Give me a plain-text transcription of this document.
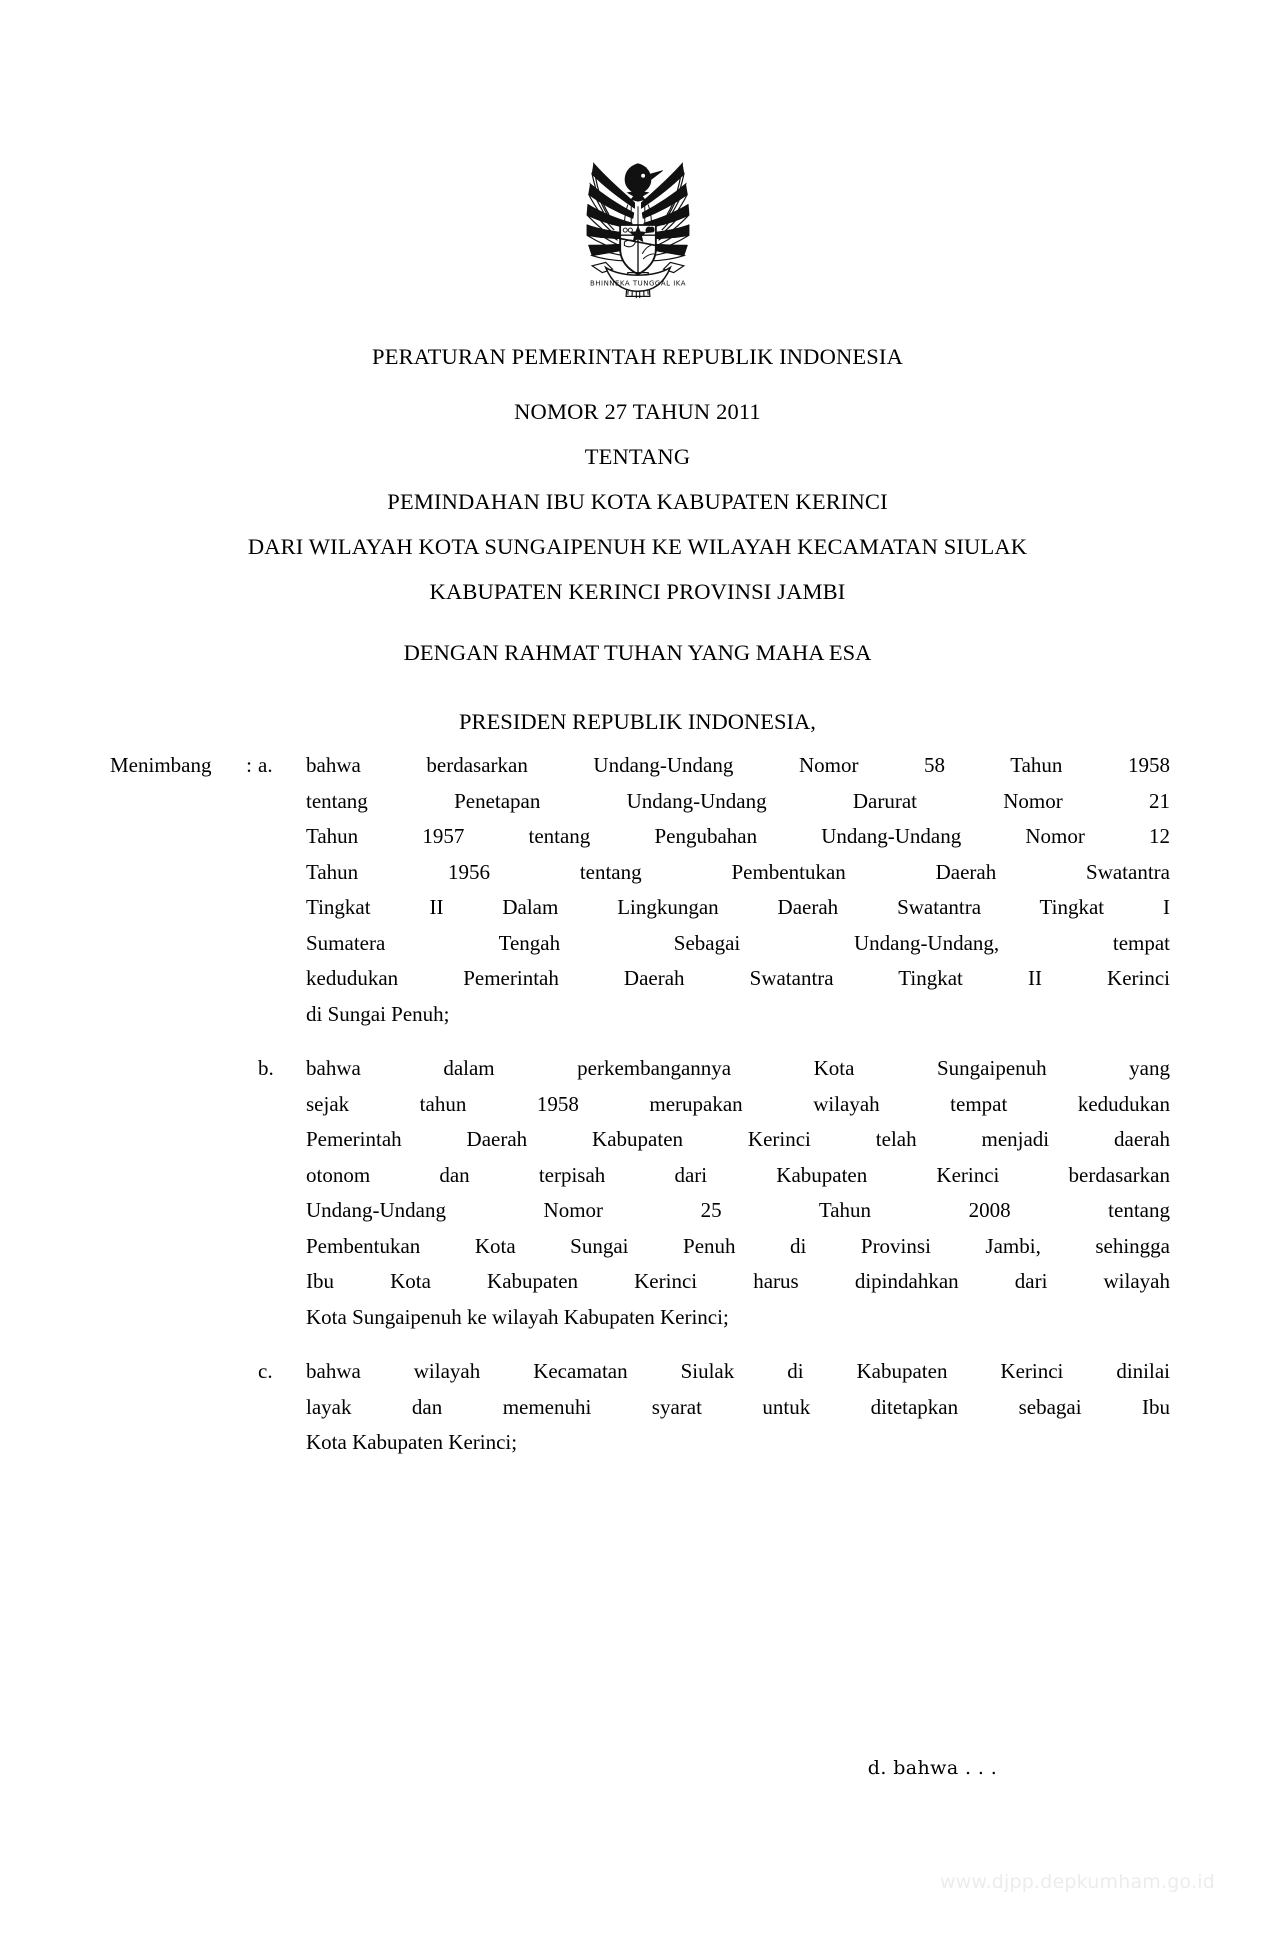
BHINNEKA TUNGGAL IKA
PERATURAN PEMERINTAH REPUBLIK INDONESIA
NOMOR 27 TAHUN 2011
TENTANG
PEMINDAHAN IBU KOTA KABUPATEN KERINCI
DARI WILAYAH KOTA SUNGAIPENUH KE WILAYAH KECAMATAN SIULAK
KABUPATEN KERINCI PROVINSI JAMBI
DENGAN RAHMAT TUHAN YANG MAHA ESA
PRESIDEN REPUBLIK INDONESIA,
Menimbang : a.	bahwa berdasarkan Undang-Undang Nomor 58 Tahun 1958
tentang Penetapan Undang-Undang Darurat Nomor 21
Tahun 1957 tentang Pengubahan Undang-Undang Nomor 12
Tahun 1956 tentang Pembentukan Daerah Swatantra
Tingkat II Dalam Lingkungan Daerah Swatantra Tingkat I
Sumatera Tengah Sebagai Undang-Undang, tempat
kedudukan Pemerintah Daerah Swatantra Tingkat II Kerinci
di Sungai Penuh;
b.	bahwa dalam perkembangannya Kota Sungaipenuh yang
sejak tahun 1958 merupakan wilayah tempat kedudukan
Pemerintah Daerah Kabupaten Kerinci telah menjadi daerah
otonom dan terpisah dari Kabupaten Kerinci berdasarkan
Undang-Undang Nomor 25 Tahun 2008 tentang
Pembentukan Kota Sungai Penuh di Provinsi Jambi, sehingga
Ibu Kota Kabupaten Kerinci harus dipindahkan dari wilayah
Kota Sungaipenuh ke wilayah Kabupaten Kerinci;
c.	bahwa wilayah Kecamatan Siulak di Kabupaten Kerinci dinilai
layak dan memenuhi syarat untuk ditetapkan sebagai Ibu
Kota Kabupaten Kerinci;
d. bahwa . . .
www.djpp.depkumham.go.id
